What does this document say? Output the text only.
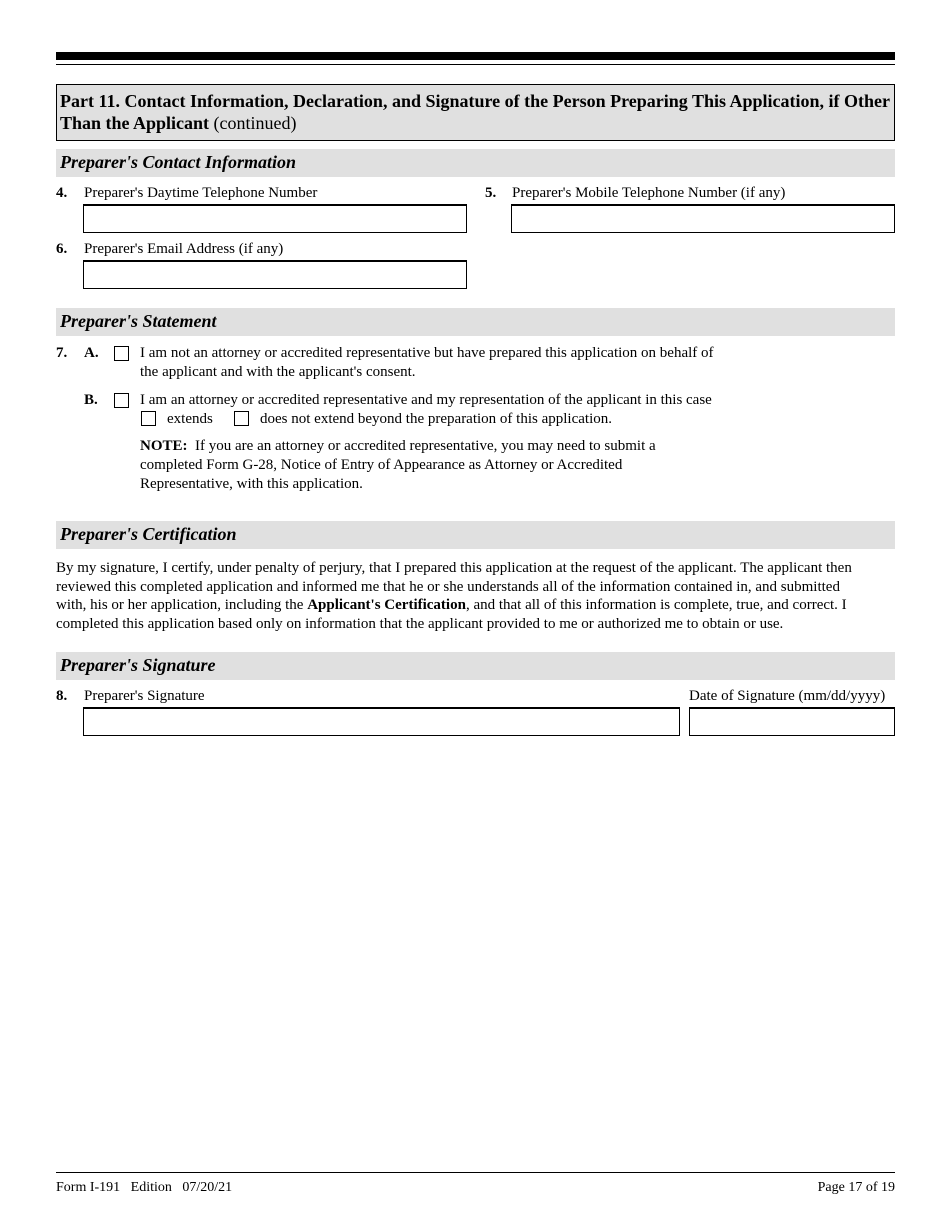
Part 11. Contact Information, Declaration, and Signature of the Person Preparing This Application, if Other Than the Applicant (continued)
Preparer's Contact Information
4. Preparer's Daytime Telephone Number	5. Preparer's Mobile Telephone Number (if any)
6. Preparer's Email Address (if any)
Preparer's Statement
7. A.	I am not an attorney or accredited representative but have prepared this application on behalf of
the applicant and with the applicant's consent.
B.	I am an attorney or accredited representative and my representation of the applicant in this case
extends	does not extend beyond the preparation of this application.
NOTE:  If you are an attorney or accredited representative, you may need to submit a
completed Form G-28, Notice of Entry of Appearance as Attorney or Accredited
Representative, with this application.
Preparer's Certification
By my signature, I certify, under penalty of perjury, that I prepared this application at the request of the applicant. The applicant then
reviewed this completed application and informed me that he or she understands all of the information contained in, and submitted
with, his or her application, including the Applicant's Certification, and that all of this information is complete, true, and correct. I
completed this application based only on information that the applicant provided to me or authorized me to obtain or use.
Preparer's Signature
8. Preparer's Signature	Date of Signature (mm/dd/yyyy)
Form I-191   Edition   07/20/21	Page 17 of 19
